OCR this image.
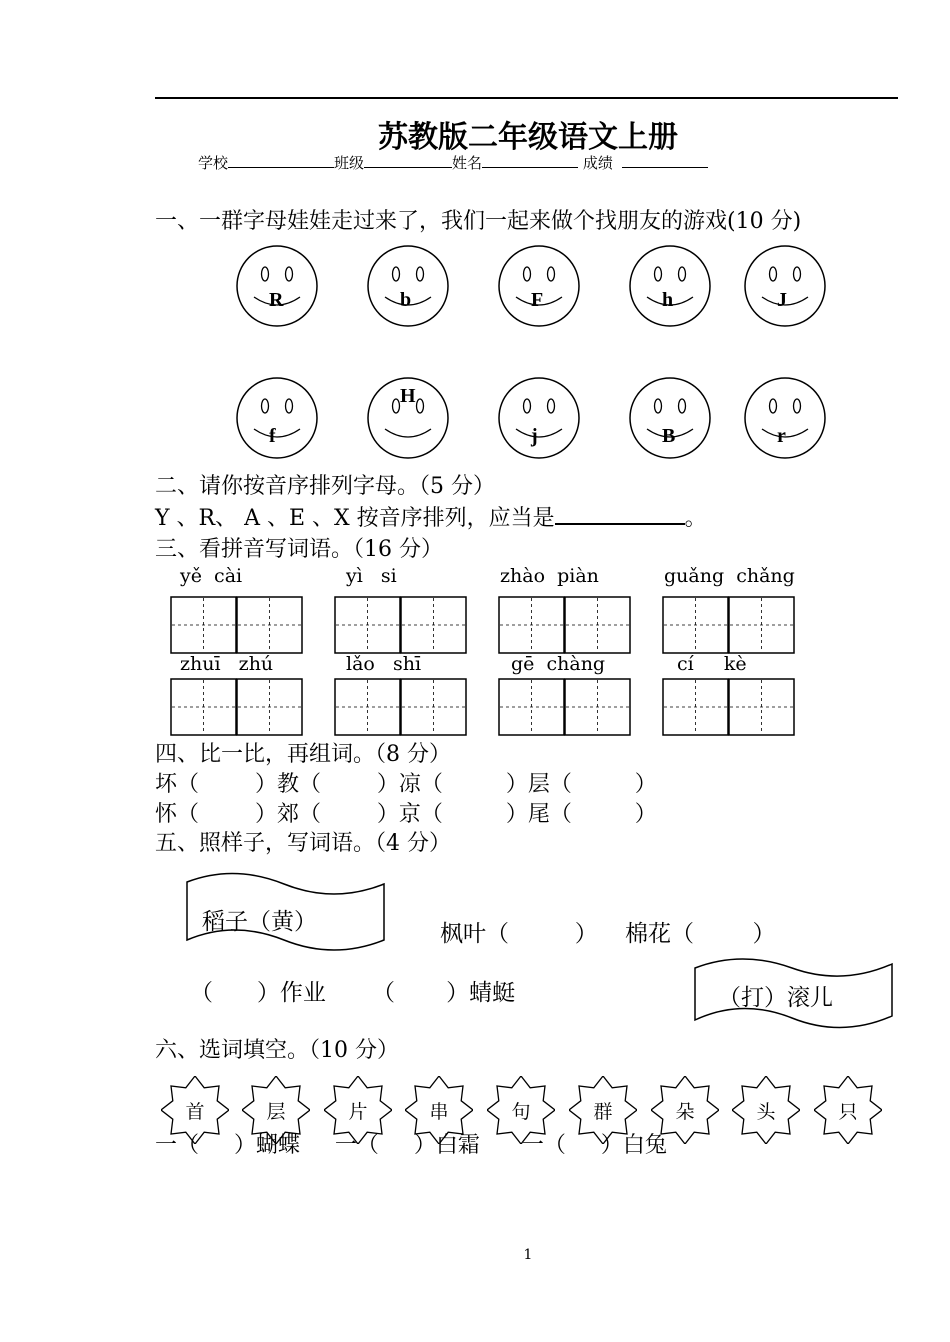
苏教版二年级语文上册
学校	班级	姓名	成绩
一、一群字母娃娃走过来了，我们一起来做个找朋友的游戏(10 分)
R	b	F	h	J
f
H
j	B	r
二、请你按音序排列字母。（5 分）
Y 、R、 A 、E 、X 按音序排列，应当是	。
三、看拼音写词语。（16 分）
yě  cài	yì   si	zhào  piàn	guǎng  chǎng
zhuī   zhú	lǎo   shī	gē  chàng	cí     kè
四、比一比，再组词。（8 分）
坏（        ）教（        ）凉（         ）层（         ）
怀（        ）郊（        ）京（         ）尾（         ）
五、照样子，写词语。（4 分）
稻子（黄）	枫叶（         ） 棉花（        ）
（      ）作业 （       ）蜻蜓	（打）滚儿
六、选词填空。（10 分）
首	层	片	串	句	群	朵	头	只
一（     ）蝴蝶     一（     ）白霜      一（     ）白兔
1
